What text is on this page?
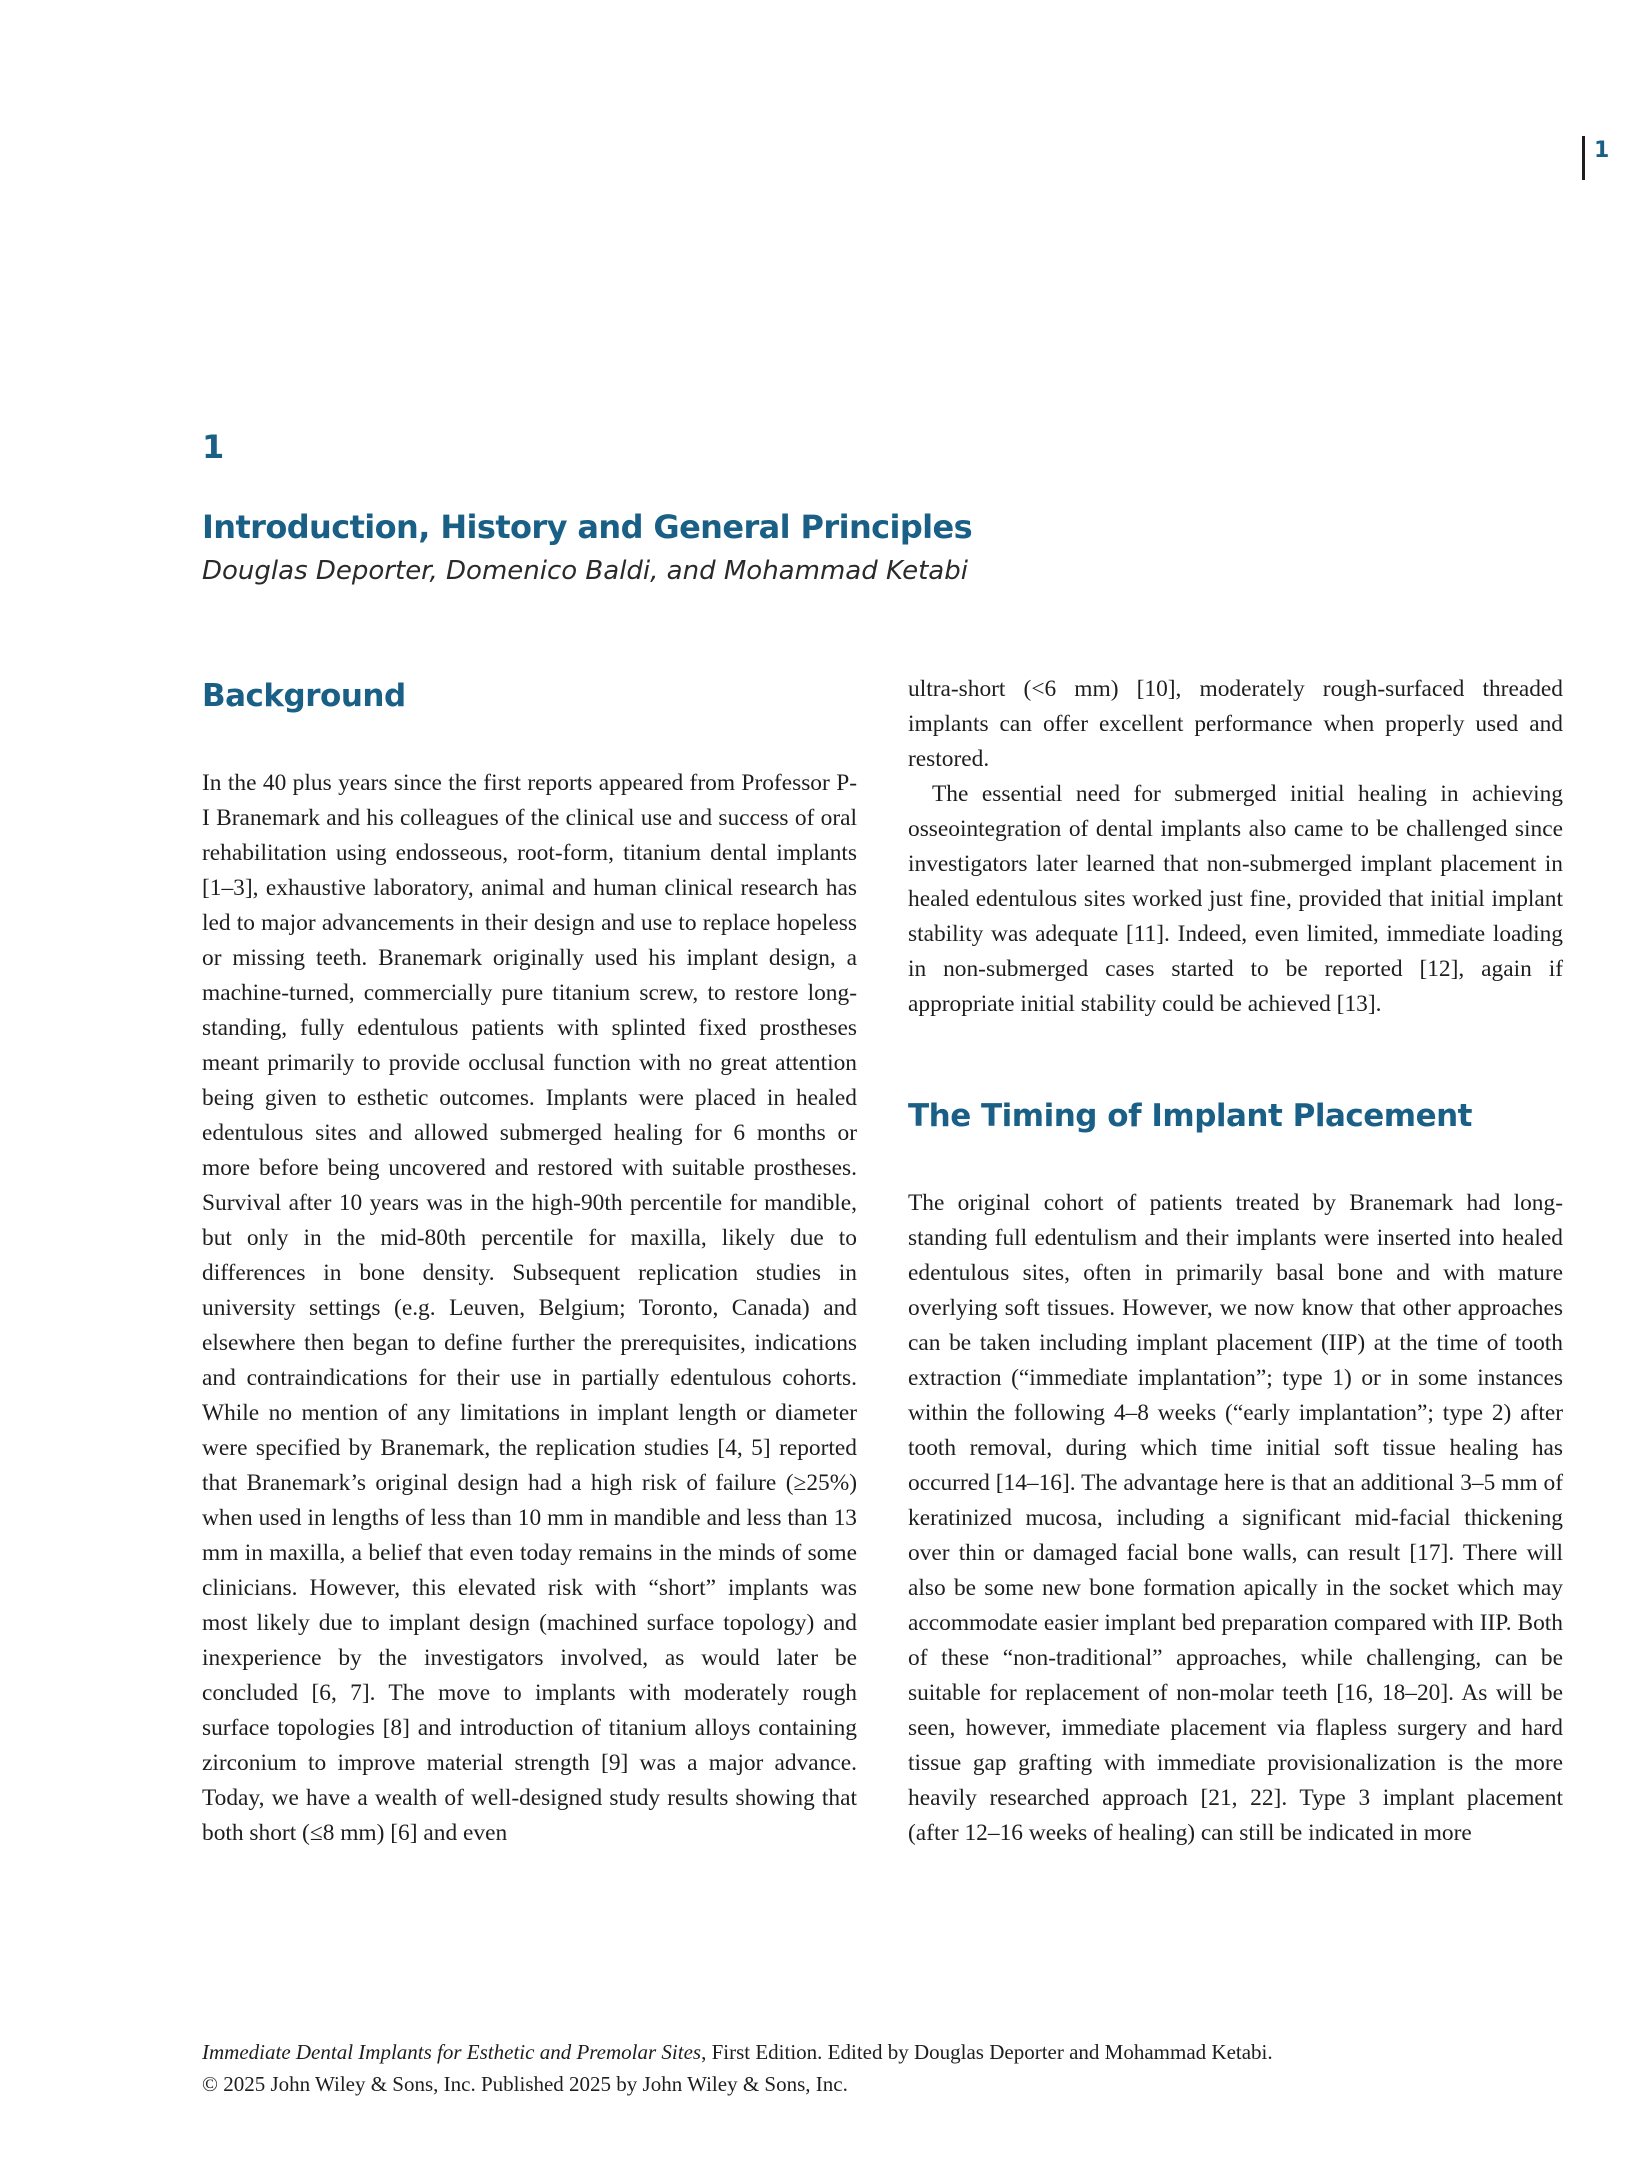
1
1
Introduction, History and General Principles
Douglas Deporter, Domenico Baldi, and Mohammad Ketabi
Background

In the 40 plus years since the first reports appeared from Professor P-I Branemark and his colleagues of the clinical use and success of oral rehabilitation using endosseous, root-form, titanium dental implants [1–3], exhaustive laboratory, animal and human clinical research has led to major advancements in their design and use to replace hopeless or missing teeth. Branemark originally used his implant design, a machine-turned, commercially pure titanium screw, to restore long-standing, fully edentulous patients with splinted fixed prostheses meant primarily to provide occlusal function with no great attention being given to esthetic outcomes. Implants were placed in healed edentulous sites and allowed submerged healing for 6 months or more before being uncovered and restored with suitable prostheses. Survival after 10 years was in the high-90th percentile for mandible, but only in the mid-80th percentile for maxilla, likely due to differences in bone density. Subsequent replication studies in university settings (e.g. Leuven, Belgium; Toronto, Canada) and elsewhere then began to define further the prerequisites, indications and contraindications for their use in partially edentulous cohorts. While no mention of any limitations in implant length or diameter were specified by Branemark, the replication studies [4, 5] reported that Branemark’s original design had a high risk of failure (≥25%) when used in lengths of less than 10 mm in mandible and less than 13 mm in maxilla, a belief that even today remains in the minds of some clinicians. However, this elevated risk with “short” implants was most likely due to implant design (machined surface topology) and inexperience by the investigators involved, as would later be concluded [6, 7]. The move to implants with moderately rough surface topologies [8] and introduction of titanium alloys containing zirconium to improve material strength [9] was a major advance. Today, we have a wealth of well-designed study results showing that both short (≤8 mm) [6] and even

ultra-short (<6 mm) [10], moderately rough-surfaced threaded implants can offer excellent performance when properly used and restored.

The essential need for submerged initial healing in achieving osseointegration of dental implants also came to be challenged since investigators later learned that non-submerged implant placement in healed edentulous sites worked just fine, provided that initial implant stability was adequate [11]. Indeed, even limited, immediate loading in non-submerged cases started to be reported [12], again if appropriate initial stability could be achieved [13].

The Timing of Implant Placement

The original cohort of patients treated by Branemark had long-standing full edentulism and their implants were inserted into healed edentulous sites, often in primarily basal bone and with mature overlying soft tissues. However, we now know that other approaches can be taken including implant placement (IIP) at the time of tooth extraction (“immediate implantation”; type 1) or in some instances within the following 4–8 weeks (“early implantation”; type 2) after tooth removal, during which time initial soft tissue healing has occurred [14–16]. The advantage here is that an additional 3–5 mm of keratinized mucosa, including a significant mid-facial thickening over thin or damaged facial bone walls, can result [17]. There will also be some new bone formation apically in the socket which may accommodate easier implant bed preparation compared with IIP. Both of these “non-traditional” approaches, while challenging, can be suitable for replacement of non-molar teeth [16, 18–20]. As will be seen, however, immediate placement via flapless surgery and hard tissue gap grafting with immediate provisionalization is the more heavily researched approach [21, 22]. Type 3 implant placement (after 12–16 weeks of healing) can still be indicated in more

Immediate Dental Implants for Esthetic and Premolar Sites, First Edition. Edited by Douglas Deporter and Mohammad Ketabi.
© 2025 John Wiley & Sons, Inc. Published 2025 by John Wiley & Sons, Inc.
